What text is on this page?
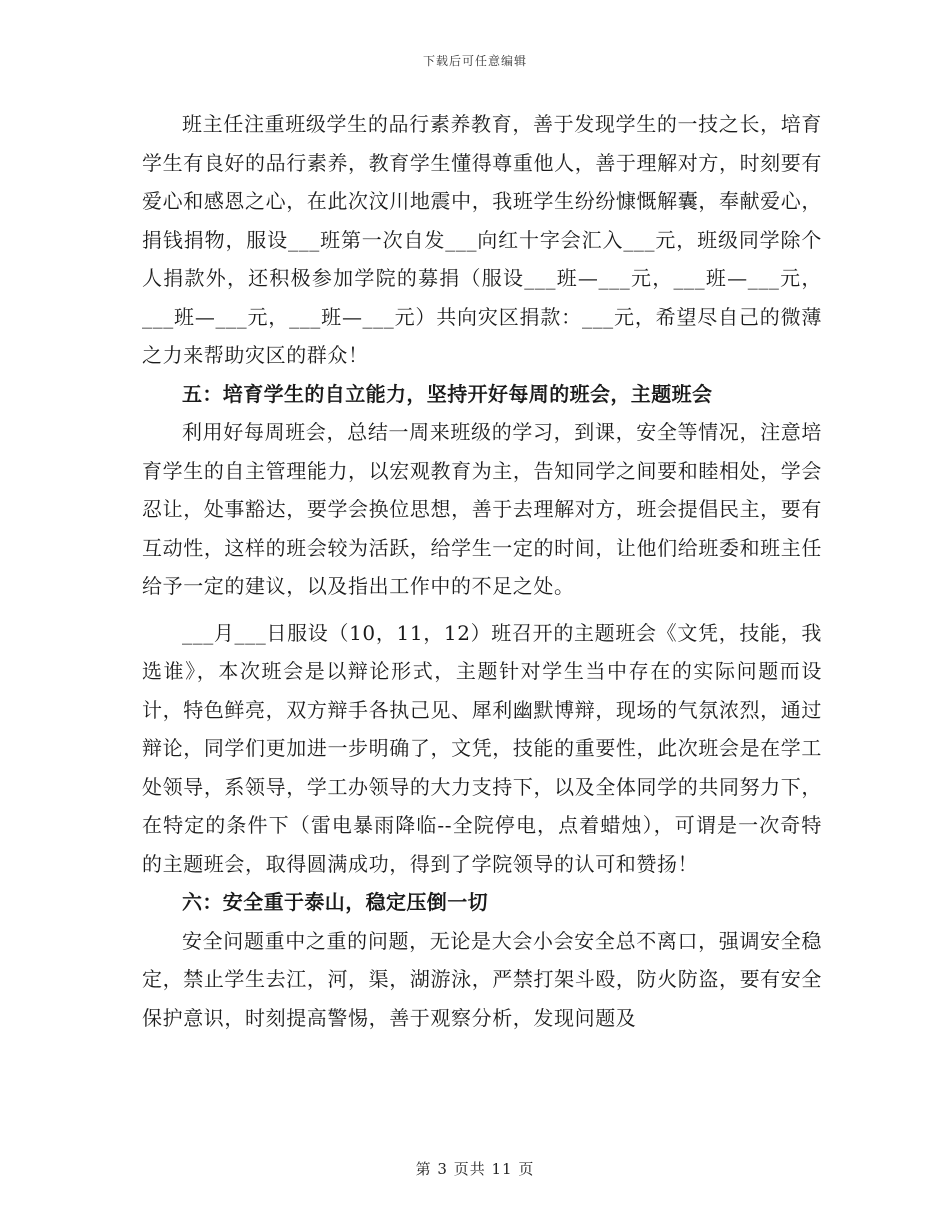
下载后可任意编辑

班主任注重班级学生的品行素养教育，善于发现学生的一技之长，培育学生有良好的品行素养，教育学生懂得尊重他人，善于理解对方，时刻要有爱心和感恩之心，在此次汶川地震中，我班学生纷纷慷慨解囊，奉献爱心，捐钱捐物，服设___班第一次自发___向红十字会汇入___元，班级同学除个人捐款外，还积极参加学院的募捐（服设___班—___元，___班—___元，___班—___元，___班—___元）共向灾区捐款：___元，希望尽自己的微薄之力来帮助灾区的群众！

五：培育学生的自立能力，坚持开好每周的班会，主题班会

利用好每周班会，总结一周来班级的学习，到课，安全等情况，注意培育学生的自主管理能力，以宏观教育为主，告知同学之间要和睦相处，学会忍让，处事豁达，要学会换位思想，善于去理解对方，班会提倡民主，要有互动性，这样的班会较为活跃，给学生一定的时间，让他们给班委和班主任给予一定的建议，以及指出工作中的不足之处。

___月___日服设（10，11，12）班召开的主题班会《文凭，技能，我选谁》，本次班会是以辩论形式，主题针对学生当中存在的实际问题而设计，特色鲜亮，双方辩手各执己见、犀利幽默博辩，现场的气氛浓烈，通过辩论，同学们更加进一步明确了，文凭，技能的重要性，此次班会是在学工处领导，系领导，学工办领导的大力支持下，以及全体同学的共同努力下，在特定的条件下（雷电暴雨降临--全院停电，点着蜡烛），可谓是一次奇特的主题班会，取得圆满成功，得到了学院领导的认可和赞扬！

六：安全重于泰山，稳定压倒一切

安全问题重中之重的问题，无论是大会小会安全总不离口，强调安全稳定，禁止学生去江，河，渠，湖游泳，严禁打架斗殴，防火防盗，要有安全保护意识，时刻提高警惕，善于观察分析，发现问题及

第 3 页共 11 页
